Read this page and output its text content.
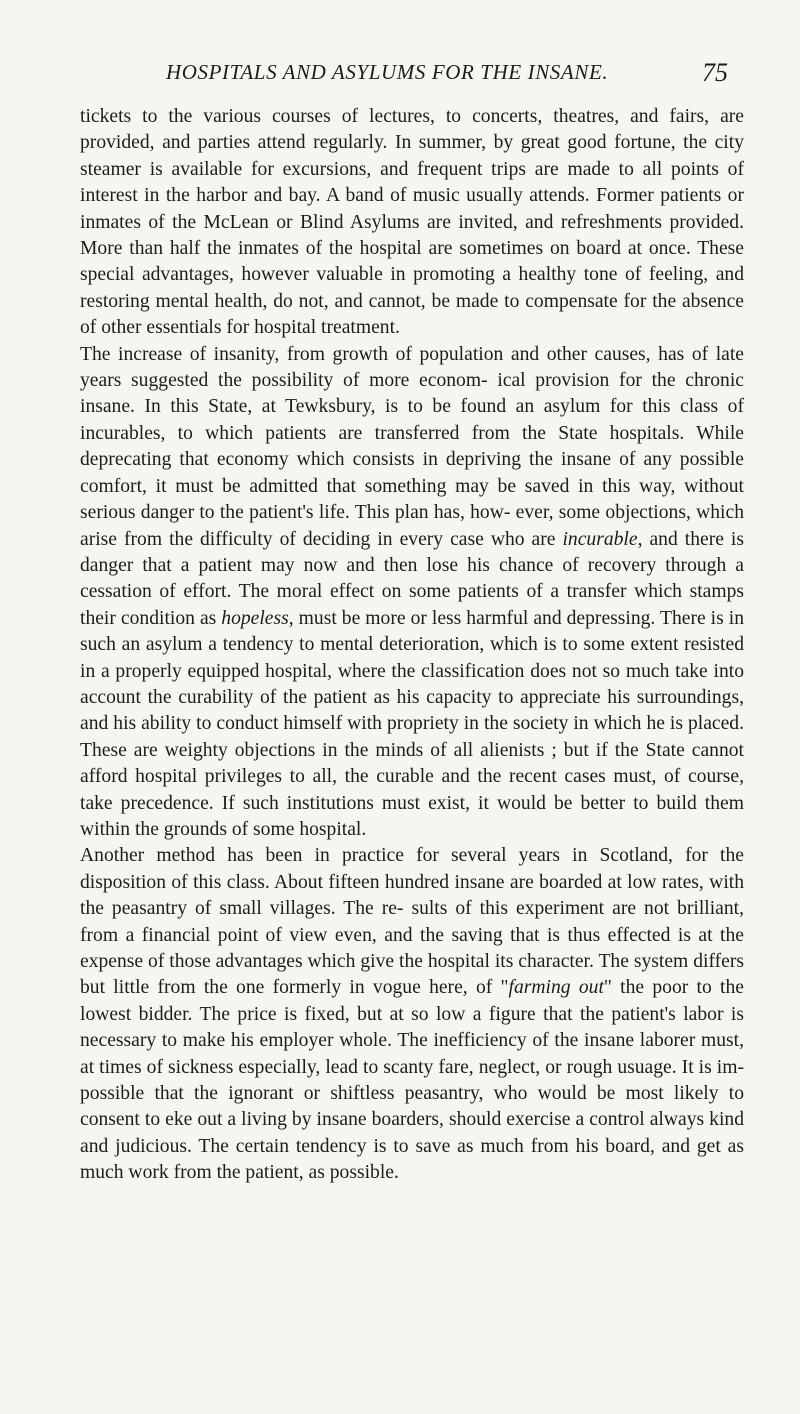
HOSPITALS AND ASYLUMS FOR THE INSANE.	75

tickets to the various courses of lectures, to concerts, theatres, and fairs, are provided, and parties attend regularly. In summer, by great good fortune, the city steamer is available for excursions, and frequent trips are made to all points of interest in the harbor and bay. A band of music usually attends. Former patients or inmates of the McLean or Blind Asylums are invited, and refreshments provided. More than half the inmates of the hospital are sometimes on board at once. These special advantages, however valuable in promoting a healthy tone of feeling, and restoring mental health, do not, and cannot, be made to compensate for the absence of other essentials for hospital treatment.

The increase of insanity, from growth of population and other causes, has of late years suggested the possibility of more econom- ical provision for the chronic insane. In this State, at Tewksbury, is to be found an asylum for this class of incurables, to which patients are transferred from the State hospitals. While deprecating that economy which consists in depriving the insane of any possible comfort, it must be admitted that something may be saved in this way, without serious danger to the patient's life. This plan has, how- ever, some objections, which arise from the difficulty of deciding in every case who are incurable, and there is danger that a patient may now and then lose his chance of recovery through a cessation of effort. The moral effect on some patients of a transfer which stamps their condition as hopeless, must be more or less harmful and depressing. There is in such an asylum a tendency to mental deterioration, which is to some extent resisted in a properly equipped hospital, where the classification does not so much take into account the curability of the patient as his capacity to appreciate his surroundings, and his ability to conduct himself with propriety in the society in which he is placed. These are weighty objections in the minds of all alienists ; but if the State cannot afford hospital privileges to all, the curable and the recent cases must, of course, take precedence. If such institutions must exist, it would be better to build them within the grounds of some hospital.

Another method has been in practice for several years in Scotland, for the disposition of this class. About fifteen hundred insane are boarded at low rates, with the peasantry of small villages. The re- sults of this experiment are not brilliant, from a financial point of view even, and the saving that is thus effected is at the expense of those advantages which give the hospital its character. The system differs but little from the one formerly in vogue here, of "farming out" the poor to the lowest bidder. The price is fixed, but at so low a figure that the patient's labor is necessary to make his employer whole. The inefficiency of the insane laborer must, at times of sickness especially, lead to scanty fare, neglect, or rough usuage. It is im- possible that the ignorant or shiftless peasantry, who would be most likely to consent to eke out a living by insane boarders, should exercise a control always kind and judicious. The certain tendency is to save as much from his board, and get as much work from the patient, as possible.
